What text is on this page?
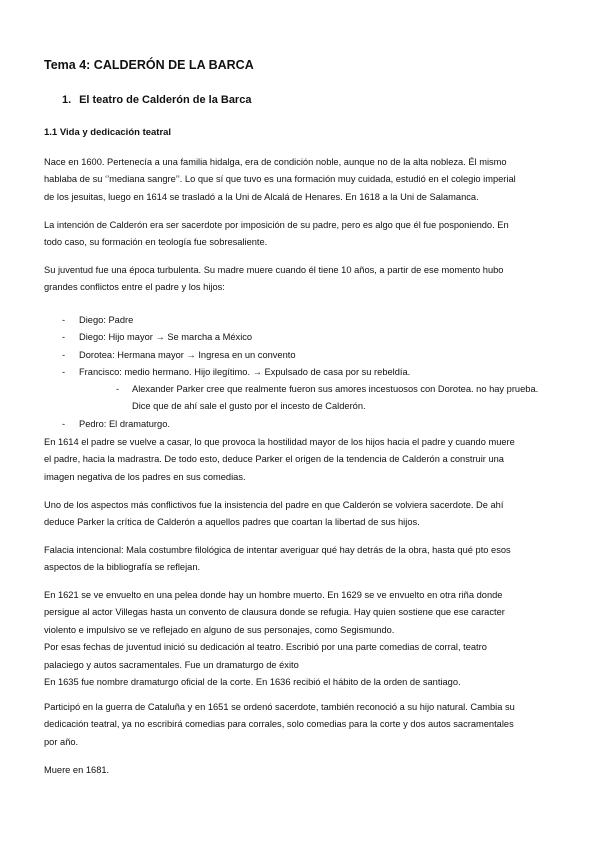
Tema 4: CALDERÓN DE LA BARCA
1. El teatro de Calderón de la Barca
1.1 Vida y dedicación teatral

Nace en 1600. Pertenecía a una familia hidalga, era de condición noble, aunque no de la alta nobleza. Él mismo
hablaba de su ‘’mediana sangre’’. Lo que sí que tuvo es una formación muy cuidada, estudió en el colegio imperial
de los jesuitas, luego en 1614 se trasladó a la Uni de Alcalá de Henares. En 1618 a la Uni de Salamanca.

La intención de Calderón era ser sacerdote por imposición de su padre, pero es algo que él fue posponiendo. En
todo caso, su formación en teología fue sobresaliente.

Su juventud fue una época turbulenta. Su madre muere cuando él tiene 10 años, a partir de ese momento hubo
grandes conflictos entre el padre y los hijos:

- Diego: Padre
- Diego: Hijo mayor → Se marcha a México
- Dorotea: Hermana mayor → Ingresa en un convento
- Francisco: medio hermano. Hijo ilegítimo. → Expulsado de casa por su rebeldía.
- Alexander Parker cree que realmente fueron sus amores incestuosos con Dorotea. no hay prueba.
Dice que de ahí sale el gusto por el incesto de Calderón.
- Pedro: El dramaturgo.

En 1614 el padre se vuelve a casar, lo que provoca la hostilidad mayor de los hijos hacia el padre y cuando muere
el padre, hacia la madrastra. De todo esto, deduce Parker el origen de la tendencia de Calderón a construir una
imagen negativa de los padres en sus comedias.

Uno de los aspectos más conflictivos fue la insistencia del padre en que Calderón se volviera sacerdote. De ahí
deduce Parker la crítica de Calderón a aquellos padres que coartan la libertad de sus hijos.

Falacia intencional: Mala costumbre filológica de intentar averiguar qué hay detrás de la obra, hasta qué pto esos
aspectos de la bibliografía se reflejan.

En 1621 se ve envuelto en una pelea donde hay un hombre muerto. En 1629 se ve envuelto en otra riña donde
persigue al actor Villegas hasta un convento de clausura donde se refugia. Hay quien sostiene que ese caracter
violento e impulsivo se ve reflejado en alguno de sus personajes, como Segismundo.
Por esas fechas de juventud inició su dedicación al teatro. Escribió por una parte comedias de corral, teatro
palaciego y autos sacramentales. Fue un dramaturgo de éxito
En 1635 fue nombre dramaturgo oficial de la corte. En 1636 recibió el hábito de la orden de santiago.

Participó en la guerra de Cataluña y en 1651 se ordenó sacerdote, también reconoció a su hijo natural. Cambia su
dedicación teatral, ya no escribirá comedias para corrales, solo comedias para la corte y dos autos sacramentales
por año.

Muere en 1681.
